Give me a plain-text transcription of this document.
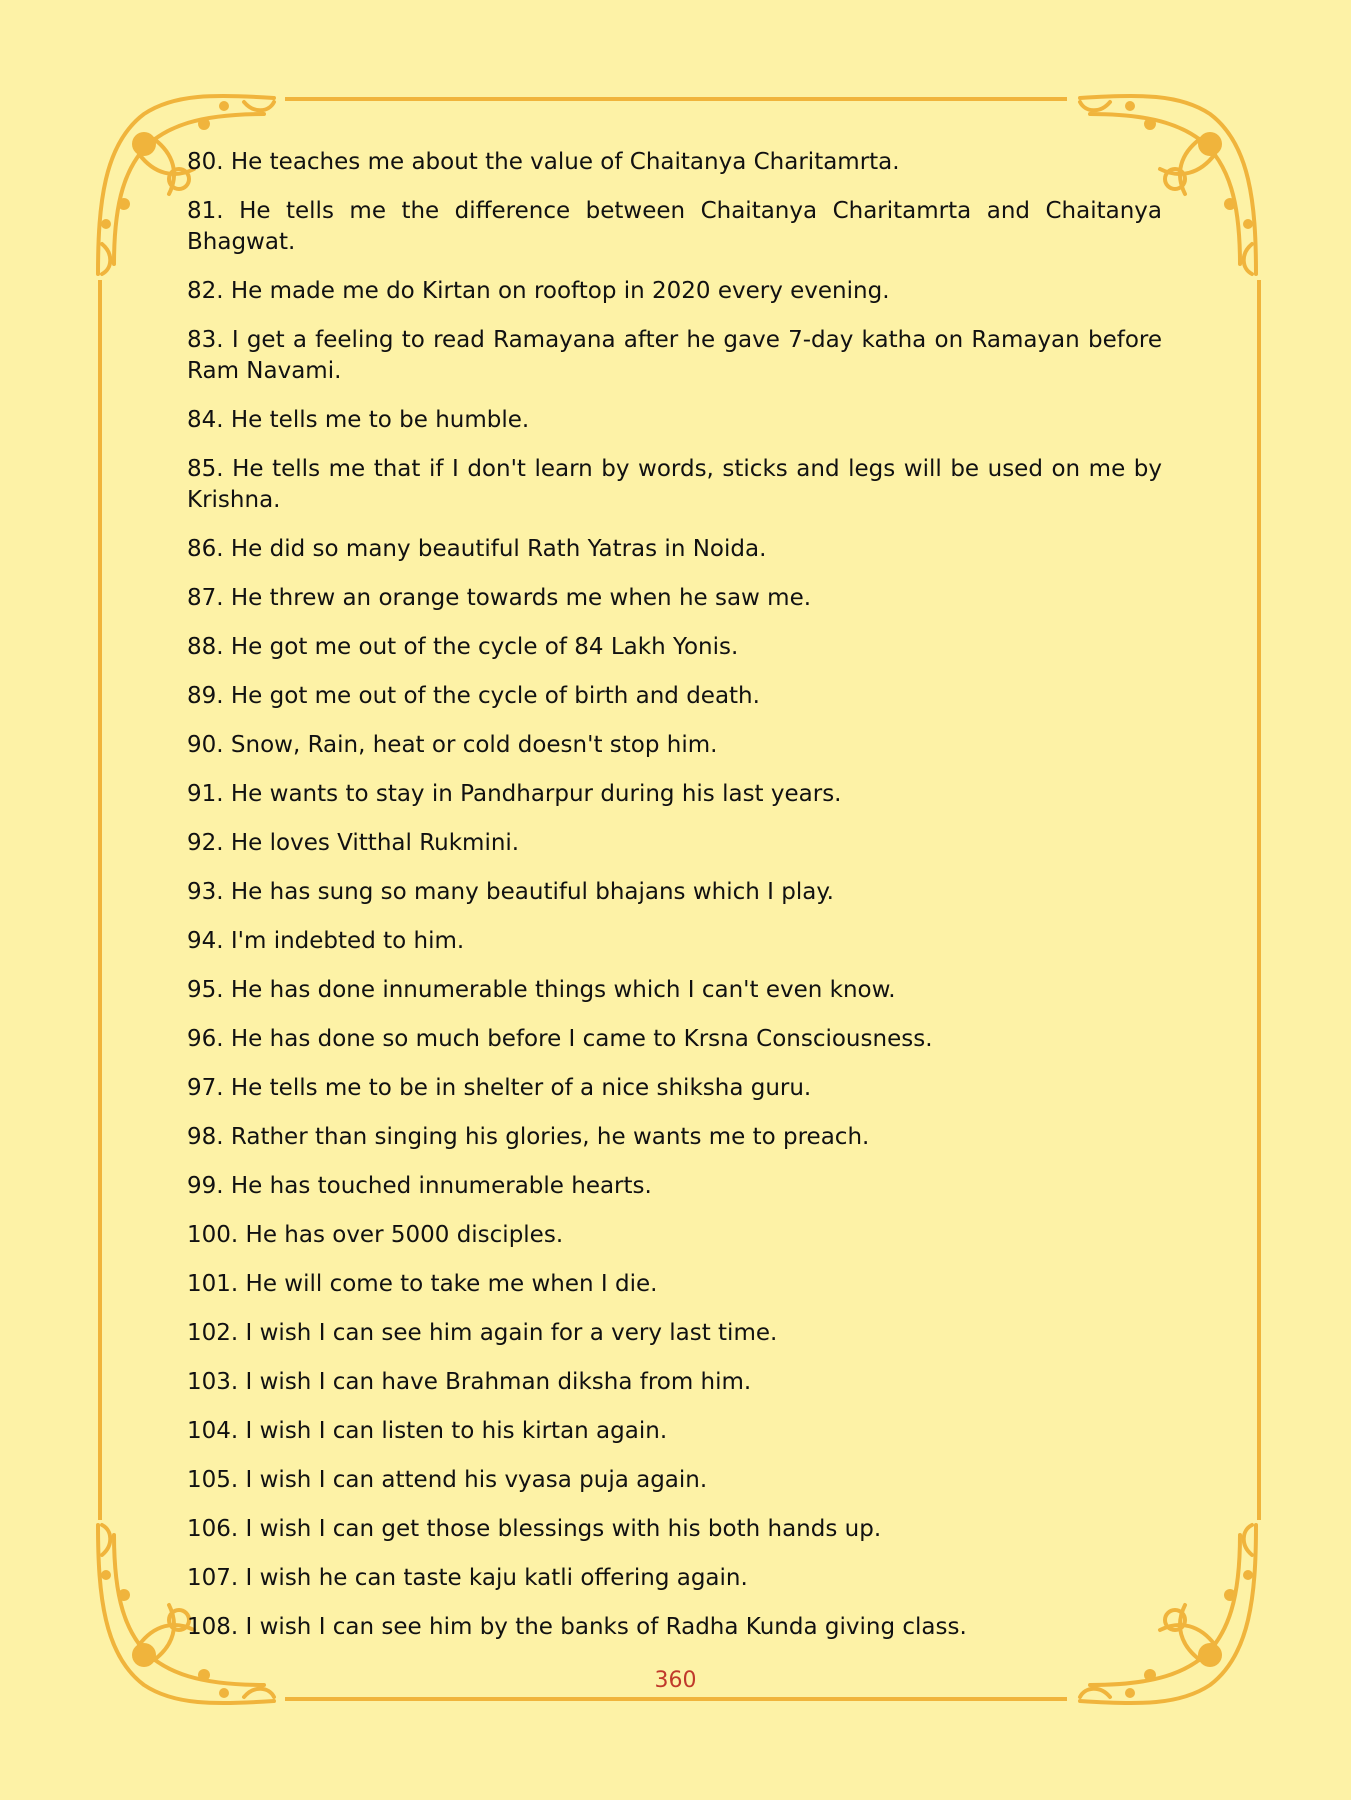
80. He teaches me about the value of Chaitanya Charitamrta.

81. He tells me the difference between Chaitanya Charitamrta and Chaitanya Bhagwat.

82. He made me do Kirtan on rooftop in 2020 every evening.

83. I get a feeling to read Ramayana after he gave 7-day katha on Ramayan before Ram Navami.

84. He tells me to be humble.

85. He tells me that if I don't learn by words, sticks and legs will be used on me by Krishna.

86. He did so many beautiful Rath Yatras in Noida.

87. He threw an orange towards me when he saw me.

88. He got me out of the cycle of 84 Lakh Yonis.

89. He got me out of the cycle of birth and death.

90. Snow, Rain, heat or cold doesn't stop him.

91. He wants to stay in Pandharpur during his last years.

92. He loves Vitthal Rukmini.

93. He has sung so many beautiful bhajans which I play.

94. I'm indebted to him.

95. He has done innumerable things which I can't even know.

96. He has done so much before I came to Krsna Consciousness.

97. He tells me to be in shelter of a nice shiksha guru.

98. Rather than singing his glories, he wants me to preach.

99. He has touched innumerable hearts.

100. He has over 5000 disciples.

101. He will come to take me when I die.

102. I wish I can see him again for a very last time.

103. I wish I can have Brahman diksha from him.

104. I wish I can listen to his kirtan again.

105. I wish I can attend his vyasa puja again.

106. I wish I can get those blessings with his both hands up.

107. I wish he can taste kaju katli offering again.

108. I wish I can see him by the banks of Radha Kunda giving class.

360
